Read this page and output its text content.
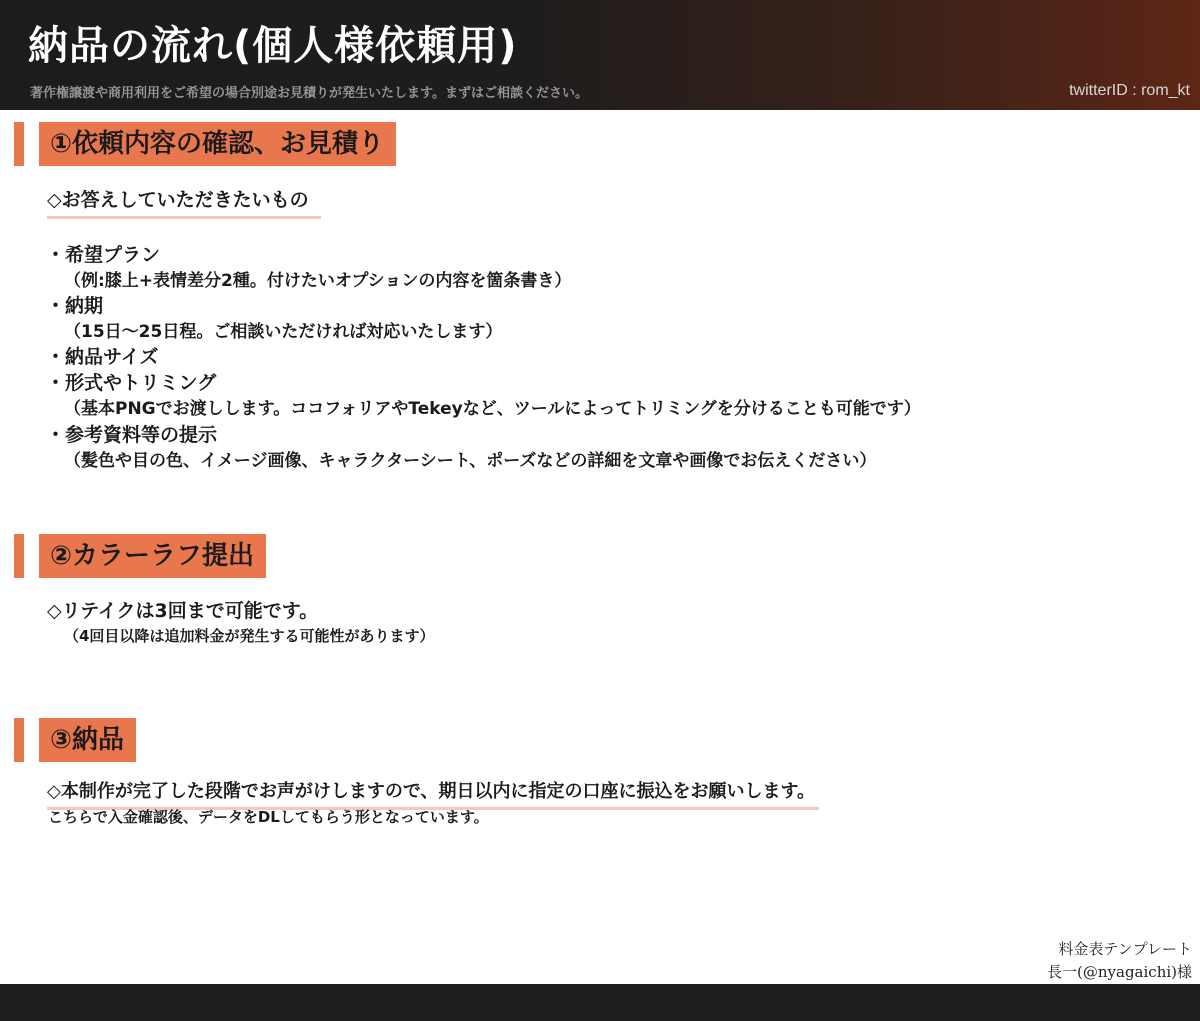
納品の流れ(個人様依頼用)
著作権譲渡や商用利用をご希望の場合別途お見積りが発生いたします。まずはご相談ください。	twitterID : rom_kt
①依頼内容の確認、お見積り
◇お答えしていただきたいもの
・希望プラン
（例:膝上+表情差分2種。付けたいオプションの内容を箇条書き）
・納期
（15日～25日程。ご相談いただければ対応いたします）
・納品サイズ
・形式やトリミング
（基本PNGでお渡しします。ココフォリアやTekeyなど、ツールによってトリミングを分けることも可能です）
・参考資料等の提示
（髪色や目の色、イメージ画像、キャラクターシート、ポーズなどの詳細を文章や画像でお伝えください）
②カラーラフ提出
◇リテイクは3回まで可能です。
（4回目以降は追加料金が発生する可能性があります）
③納品
◇本制作が完了した段階でお声がけしますので、期日以内に指定の口座に振込をお願いします。
こちらで入金確認後、データをDLしてもらう形となっています。
料金表テンプレート
長一(@nyagaichi)様
